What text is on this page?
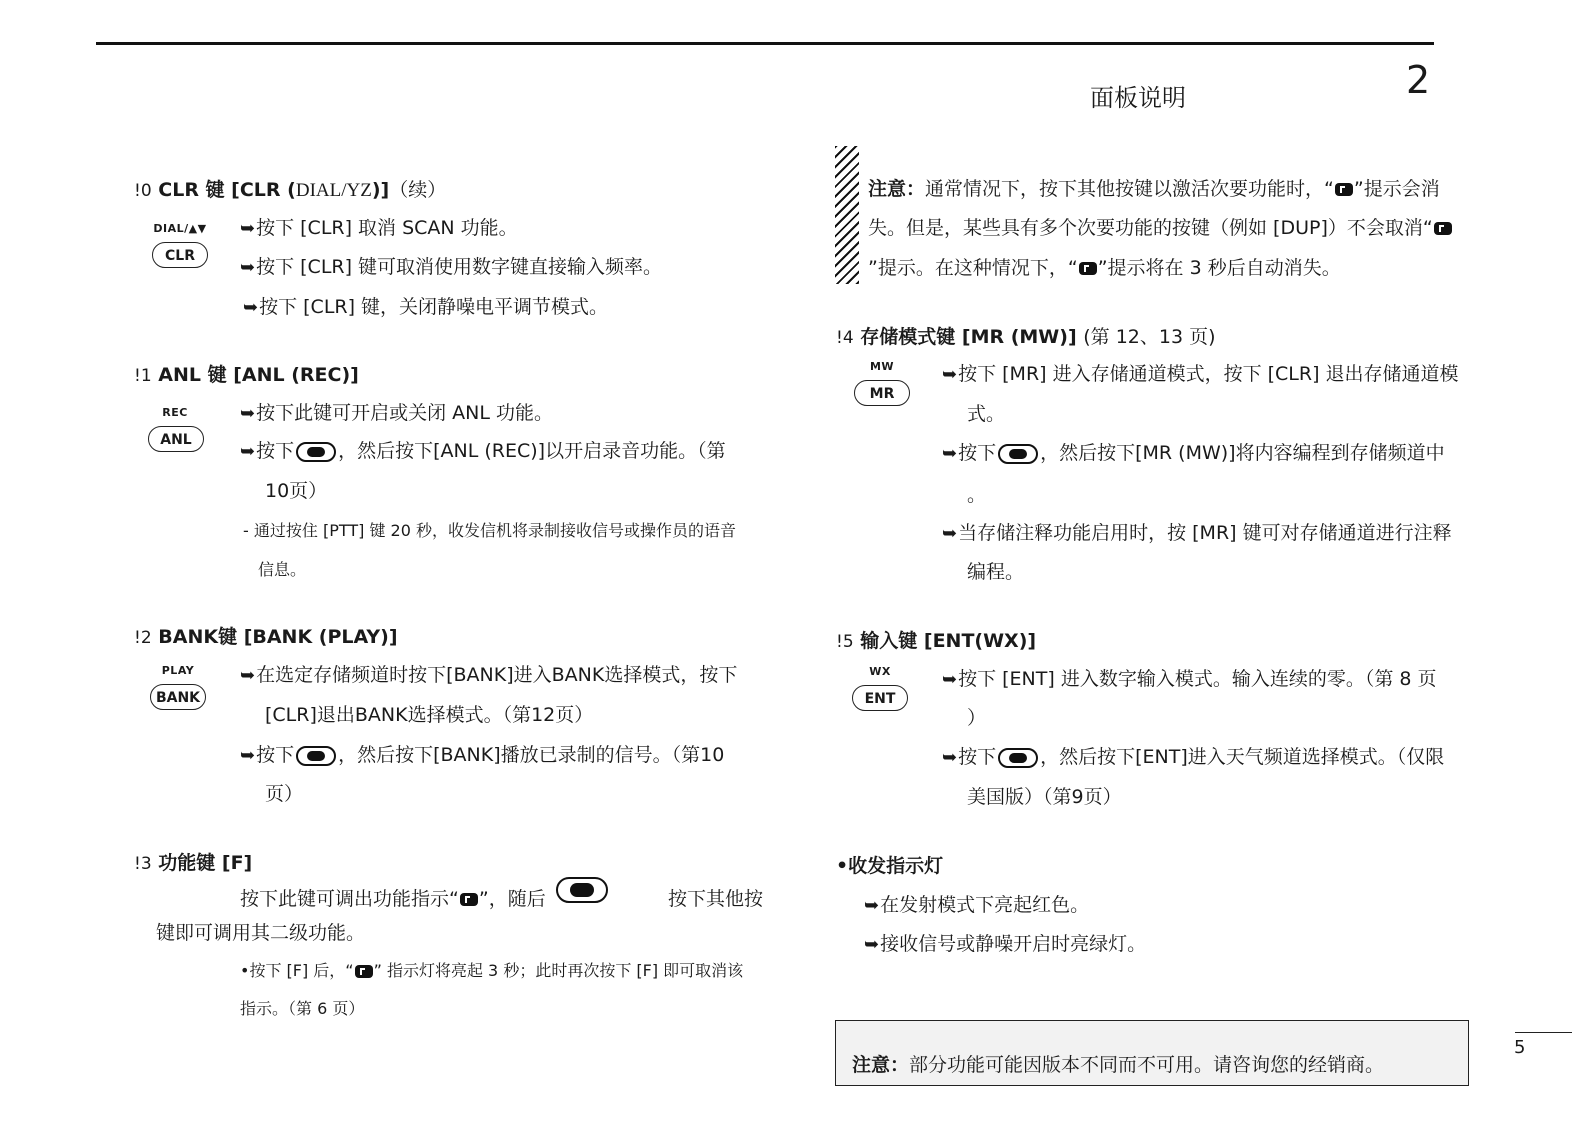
面板说明	2
!0 CLR 键 [CLR (DIAL/YZ)]（续）
DIAL/▲▼
CLR
➥按下 [CLR] 取消 SCAN 功能。
➥按下 [CLR] 键可取消使用数字键直接输入频率。
➥按下 [CLR] 键，关闭静噪电平调节模式。
!1 ANL 键 [ANL (REC)]
REC
ANL
➥按下此键可开启或关闭 ANL 功能。
➥按下 ，然后按下[ANL (REC)]以开启录音功能。（第
10页）
- 通过按住 [PTT] 键 20 秒，收发信机将录制接收信号或操作员的语音
信息。
!2 BANK键 [BANK (PLAY)]
PLAY
BANK
➥在选定存储频道时按下[BANK]进入BANK选择模式，按下
[CLR]退出BANK选择模式。（第12页）
➥按下 ，然后按下[BANK]播放已录制的信号。（第10
页）
!3 功能键 [F]
按下此键可调出功能指示“ ”，随后	按下其他按
键即可调用其二级功能。
•按下 [F] 后，“ ” 指示灯将亮起 3 秒；此时再次按下 [F] 即可取消该
指示。（第 6 页）
注意：通常情况下，按下其他按键以激活次要功能时，“ ”提示会消
失。但是，某些具有多个次要功能的按键（例如 [DUP]）不会取消“
”提示。在这种情况下，“ ”提示将在 3 秒后自动消失。
!4 存储模式键 [MR (MW)] (第 12、13 页)
MW
MR
➥按下 [MR] 进入存储通道模式，按下 [CLR] 退出存储通道模
式。
➥按下 ，然后按下[MR (MW)]将内容编程到存储频道中
。
➥当存储注释功能启用时，按 [MR] 键可对存储通道进行注释
编程。
!5 输入键 [ENT(WX)]
WX
ENT
➥按下 [ENT] 进入数字输入模式。输入连续的零。（第 8 页
）
➥按下 ，然后按下[ENT]进入天气频道选择模式。（仅限
美国版）（第9页）
•收发指示灯
➥在发射模式下亮起红色。
➥接收信号或静噪开启时亮绿灯。
注意：部分功能可能因版本不同而不可用。请咨询您的经销商。
5
